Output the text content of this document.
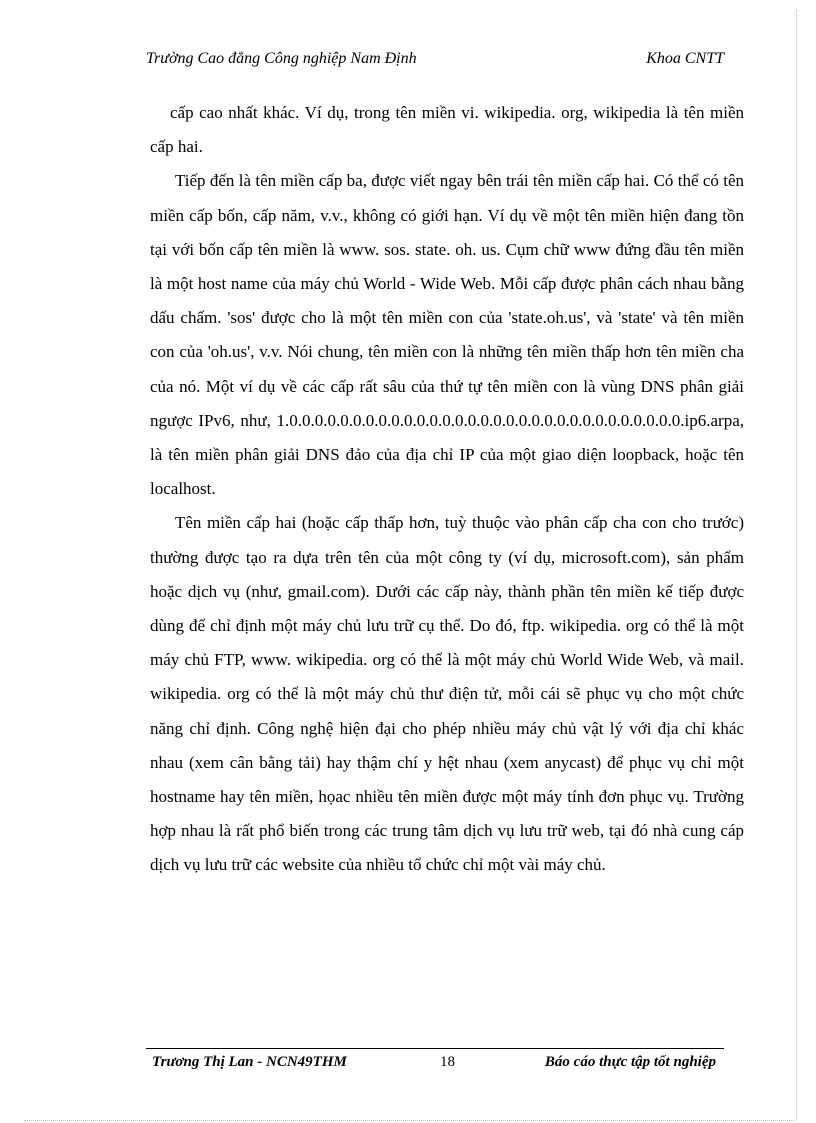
Trường Cao đẳng Công nghiệp Nam Định	Khoa CNTT

cấp cao nhất khác. Ví dụ, trong tên miền vi. wikipedia. org, wikipedia là tên miền cấp hai.

Tiếp đến là tên miền cấp ba, được viết ngay bên trái tên miền cấp hai. Có thể có tên miền cấp bốn, cấp năm, v.v., không có giới hạn. Ví dụ về một tên miền hiện đang tồn tại với bốn cấp tên miền là www. sos. state. oh. us. Cụm chữ www đứng đầu tên miền là một host name của máy chủ World - Wide Web. Mỗi cấp được phân cách nhau bằng dấu chấm. 'sos' được cho là một tên miền con của 'state.oh.us', và 'state' và tên miền con của 'oh.us', v.v. Nói chung, tên miền con là những tên miền thấp hơn tên miền cha của nó. Một ví dụ về các cấp rất sâu của thứ tự tên miền con là vùng DNS phân giải ngược IPv6, như, 1.0.0.0.0.0.0.0.0.0.0.0.0.0.0.0.0.0.0.0.0.0.0.0.0.0.0.0.0.0.0.0.ip6.arpa, là tên miền phân giải DNS đảo của địa chỉ IP của một giao diện loopback, hoặc tên localhost.

Tên miền cấp hai (hoặc cấp thấp hơn, tuỳ thuộc vào phân cấp cha con cho trước) thường được tạo ra dựa trên tên của một công ty (ví dụ, microsoft.com), sản phẩm hoặc dịch vụ (như, gmail.com). Dưới các cấp này, thành phần tên miền kế tiếp được dùng để chỉ định một máy chủ lưu trữ cụ thể. Do đó, ftp. wikipedia. org có thể là một máy chủ FTP, www. wikipedia. org có thể là một máy chủ World Wide Web, và mail. wikipedia. org có thể là một máy chủ thư điện tử, mỗi cái sẽ phục vụ cho một chức năng chỉ định. Công nghệ hiện đại cho phép nhiều máy chủ vật lý với địa chỉ khác nhau (xem cân bằng tải) hay thậm chí y hệt nhau (xem anycast) để phục vụ chỉ một hostname hay tên miền, họac nhiều tên miền được một máy tính đơn phục vụ. Trường hợp nhau là rất phổ biến trong các trung tâm dịch vụ lưu trữ web, tại đó nhà cung cáp dịch vụ lưu trữ các website của nhiều tổ chức chỉ một vài máy chủ.

Trương Thị Lan - NCN49THM	18	Báo cáo thực tập tốt nghiệp
